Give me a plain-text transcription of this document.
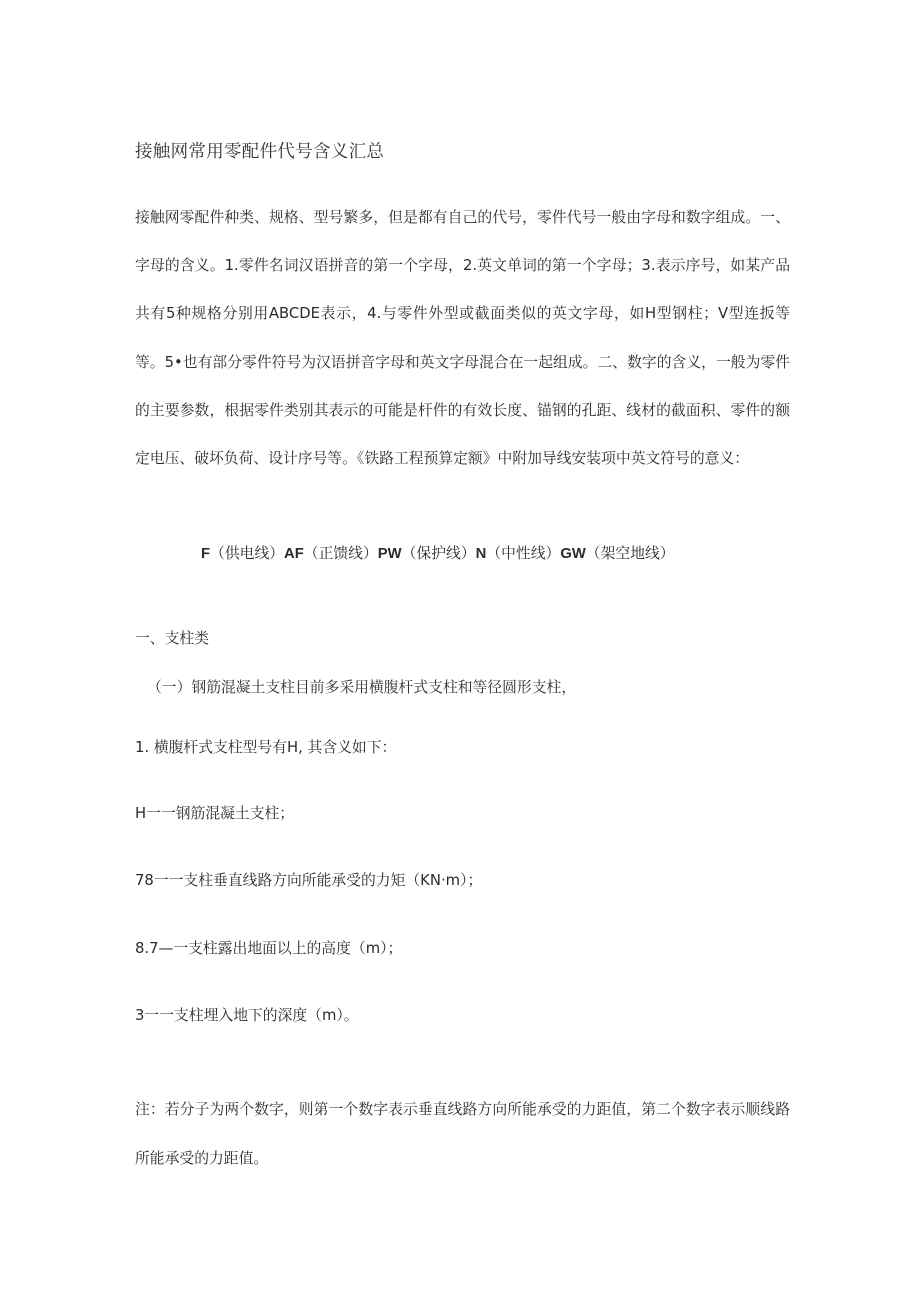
接触网常用零配件代号含义汇总

接触网零配件种类、规格、型号繁多，但是都有自己的代号，零件代号一般由字母和数字组成。一、字母的含义。1.零件名词汉语拼音的第一个字母，2.英文单词的第一个字母；3.表示序号，如某产品共有5种规格分别用ABCDE表示，4.与零件外型或截面类似的英文字母，如H型钢柱；V型连扳等等。5•也有部分零件符号为汉语拼音字母和英文字母混合在一起组成。二、数字的含义，一般为零件的主要参数，根据零件类别其表示的可能是杆件的有效长度、锚钢的孔距、线材的截面积、零件的额定电压、破坏负荷、设计序号等。《铁路工程预算定额》中附加导线安装项中英文符号的意义：

F（供电线）AF（正馈线）PW（保护线）N（中性线）GW（架空地线）
一、支柱类
（一）钢筋混凝土支柱目前多采用横腹杆式支柱和等径圆形支柱，
1. 横腹杆式支柱型号有H, 其含义如下：
H一一钢筋混凝土支柱；
78一一支柱垂直线路方向所能承受的力矩（KN·m）；
8.7—一支柱露出地面以上的高度（m）；
3一一支柱埋入地下的深度（m）。

注：若分子为两个数字，则第一个数字表示垂直线路方向所能承受的力距值，第二个数字表示顺线路所能承受的力距值。
